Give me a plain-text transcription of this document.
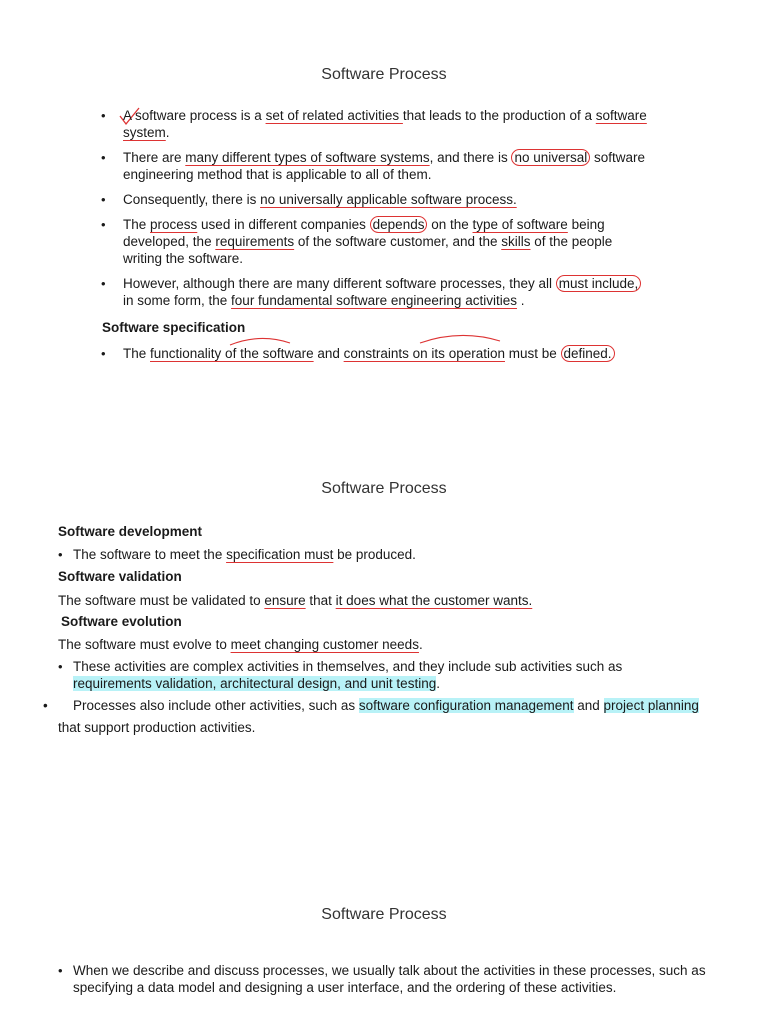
Software Process
• A software process is a set of related activities that leads to the production of a software system.
• There are many different types of software systems, and there is no universal software engineering method that is applicable to all of them.
• Consequently, there is no universally applicable software process.
• The process used in different companies depends on the type of software being developed, the requirements of the software customer, and the skills of the people writing the software.
• However, although there are many different software processes, they all must include, in some form, the four fundamental software engineering activities .
Software specification
• The functionality of the software and constraints on its operation must be defined.
Software Process
Software development
• The software to meet the specification must be produced.
Software validation
The software must be validated to ensure that it does what the customer wants.
Software evolution
The software must evolve to meet changing customer needs.
• These activities are complex activities in themselves, and they include sub activities such as requirements validation, architectural design, and unit testing.
• Processes also include other activities, such as software configuration management and project planning that support production activities.
Software Process
• When we describe and discuss processes, we usually talk about the activities in these processes, such as specifying a data model and designing a user interface, and the ordering of these activities.
